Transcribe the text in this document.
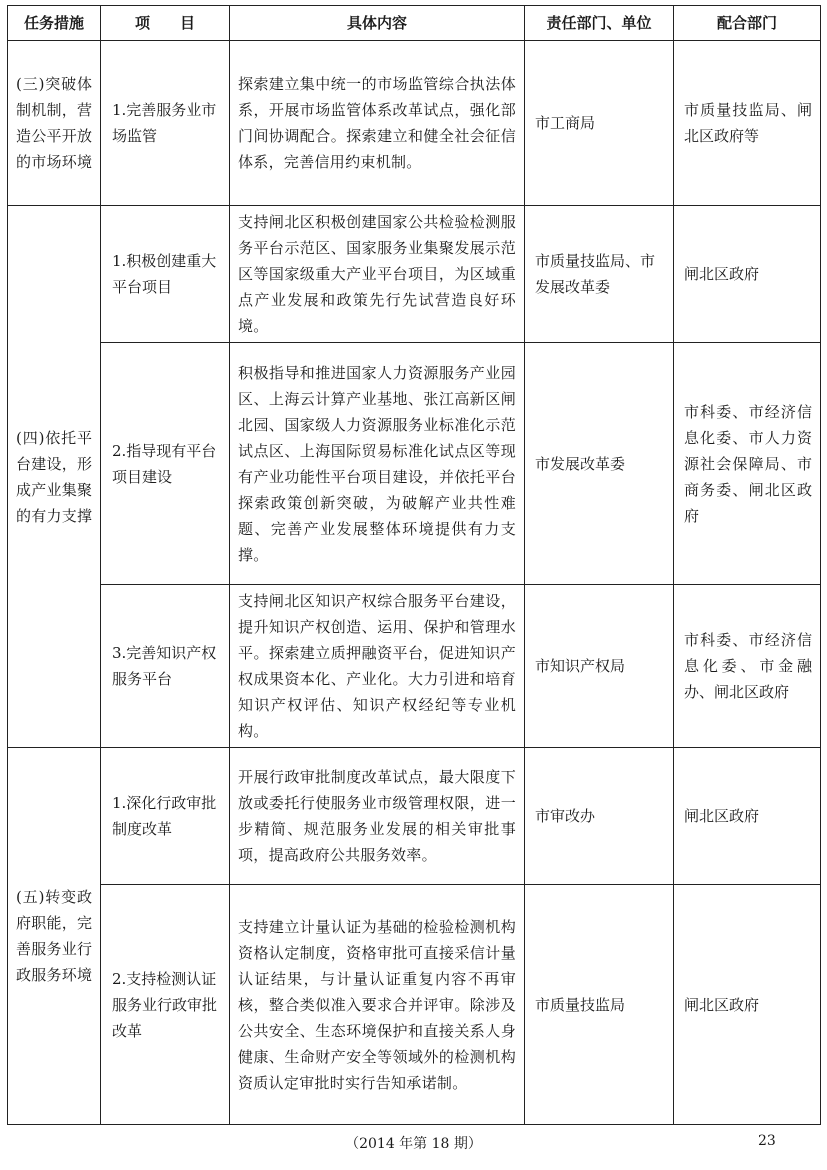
任务措施	项　　目	具体内容	责任部门、单位	配合部门
(三)突破体制机制，营造公平开放的市场环境	1.完善服务业市场监管	探索建立集中统一的市场监管综合执法体系，开展市场监管体系改革试点，强化部门间协调配合。探索建立和健全社会征信体系，完善信用约束机制。	市工商局	市质量技监局、闸北区政府等
(四)依托平台建设，形成产业集聚的有力支撑	1.积极创建重大平台项目	支持闸北区积极创建国家公共检验检测服务平台示范区、国家服务业集聚发展示范区等国家级重大产业平台项目，为区域重点产业发展和政策先行先试营造良好环境。	市质量技监局、市发展改革委	闸北区政府
	2.指导现有平台项目建设	积极指导和推进国家人力资源服务产业园区、上海云计算产业基地、张江高新区闸北园、国家级人力资源服务业标准化示范试点区、上海国际贸易标准化试点区等现有产业功能性平台项目建设，并依托平台探索政策创新突破，为破解产业共性难题、完善产业发展整体环境提供有力支撑。	市发展改革委	市科委、市经济信息化委、市人力资源社会保障局、市商务委、闸北区政府
	3.完善知识产权服务平台	支持闸北区知识产权综合服务平台建设，提升知识产权创造、运用、保护和管理水平。探索建立质押融资平台，促进知识产权成果资本化、产业化。大力引进和培育知识产权评估、知识产权经纪等专业机构。	市知识产权局	市科委、市经济信息化委、市金融办、闸北区政府
(五)转变政府职能，完善服务业行政服务环境	1.深化行政审批制度改革	开展行政审批制度改革试点，最大限度下放或委托行使服务业市级管理权限，进一步精简、规范服务业发展的相关审批事项，提高政府公共服务效率。	市审改办	闸北区政府
	2.支持检测认证服务业行政审批改革	支持建立计量认证为基础的检验检测机构资格认定制度，资格审批可直接采信计量认证结果，与计量认证重复内容不再审核，整合类似准入要求合并评审。除涉及公共安全、生态环境保护和直接关系人身健康、生命财产安全等领域外的检测机构资质认定审批时实行告知承诺制。	市质量技监局	闸北区政府
（2014 年第 18 期）	23
